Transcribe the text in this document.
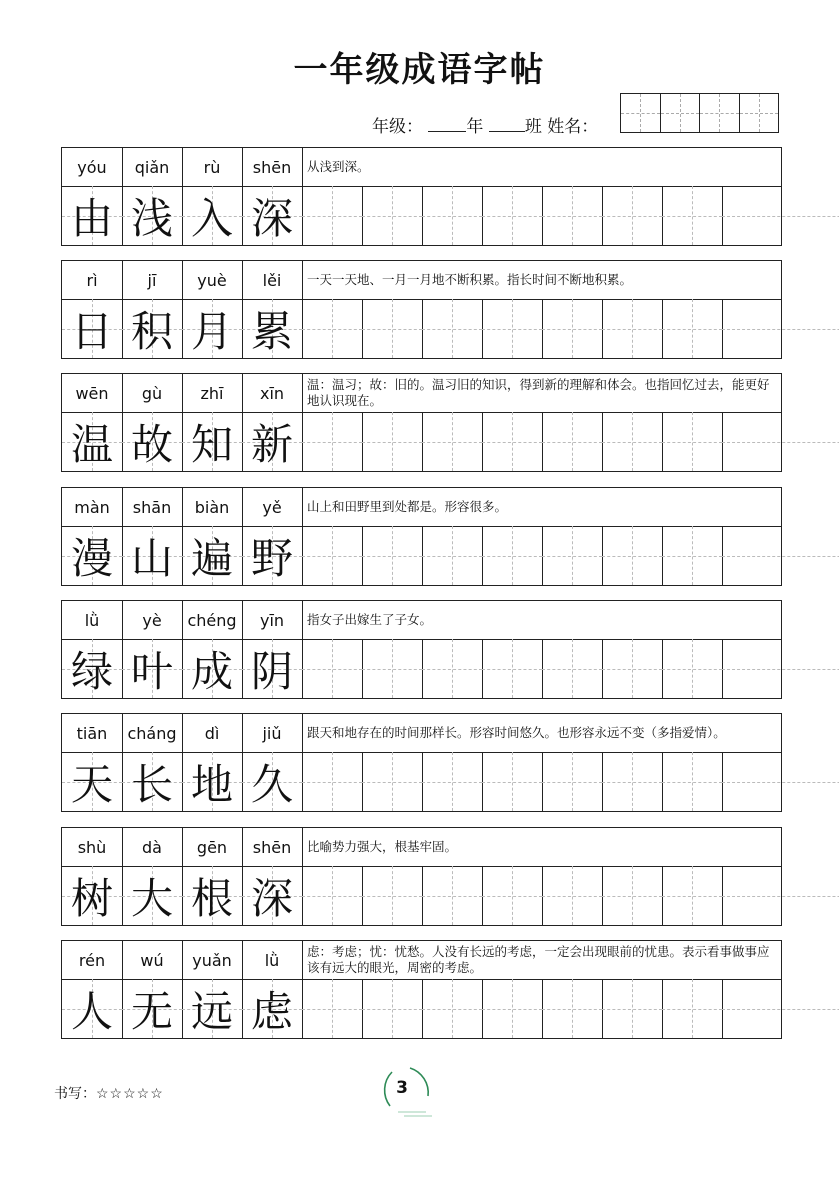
一年级成语字帖
年级：	年 班 姓名：
yóu	qiǎn	rù	shēn	从浅到深。
由 浅 入 深
rì	jī	yuè	lěi	一天一天地、一月一月地不断积累。指长时间不断地积累。
日 积 月 累
wēn	gù	zhī	xīn	温：温习；故：旧的。温习旧的知识，得到新的理解和体会。也指回忆过去，能更好地认识现在。
温 故 知 新
màn	shān	biàn	yě	山上和田野里到处都是。形容很多。
漫 山 遍 野
lǜ	yè	chéng	yīn	指女子出嫁生了子女。
绿 叶 成 阴
tiān	cháng	dì	jiǔ	跟天和地存在的时间那样长。形容时间悠久。也形容永远不变（多指爱情）。
天 长 地 久
shù	dà	gēn	shēn	比喻势力强大，根基牢固。
树 大 根 深
rén	wú	yuǎn	lǜ	虑：考虑；忧：忧愁。人没有长远的考虑，一定会出现眼前的忧患。表示看事做事应该有远大的眼光，周密的考虑。
人 无 远 虑
书写：☆☆☆☆☆	3
